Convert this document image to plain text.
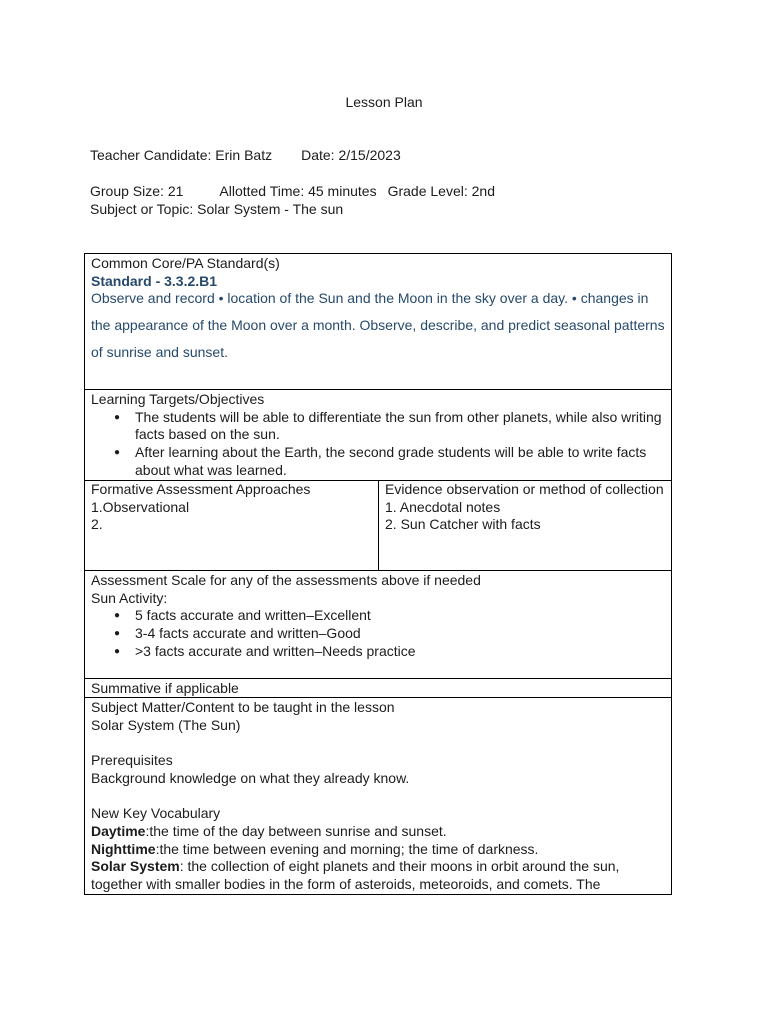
Lesson Plan
Teacher Candidate: Erin Batz Date: 2/15/2023
Group Size: 21	Allotted Time: 45 minutes Grade Level: 2nd
Subject or Topic: Solar System - The sun
Common Core/PA Standard(s)
Standard - 3.3.2.B1
Observe and record • location of the Sun and the Moon in the sky over a day. • changes in the appearance of the Moon over a month. Observe, describe, and predict seasonal patterns of sunrise and sunset.
Learning Targets/Objectives
● The students will be able to differentiate the sun from other planets, while also writing facts based on the sun.
● After learning about the Earth, the second grade students will be able to write facts about what was learned.
Formative Assessment Approaches
1.Observational
2.
Evidence observation or method of collection
1. Anecdotal notes
2. Sun Catcher with facts
Assessment Scale for any of the assessments above if needed
Sun Activity:
● 5 facts accurate and written–Excellent
● 3-4 facts accurate and written–Good
● >3 facts accurate and written–Needs practice
Summative if applicable
Subject Matter/Content to be taught in the lesson
Solar System (The Sun)
Prerequisites
Background knowledge on what they already know.
New Key Vocabulary
Daytime:the time of the day between sunrise and sunset.
Nighttime:the time between evening and morning; the time of darkness.
Solar System: the collection of eight planets and their moons in orbit around the sun, together with smaller bodies in the form of asteroids, meteoroids, and comets. The
